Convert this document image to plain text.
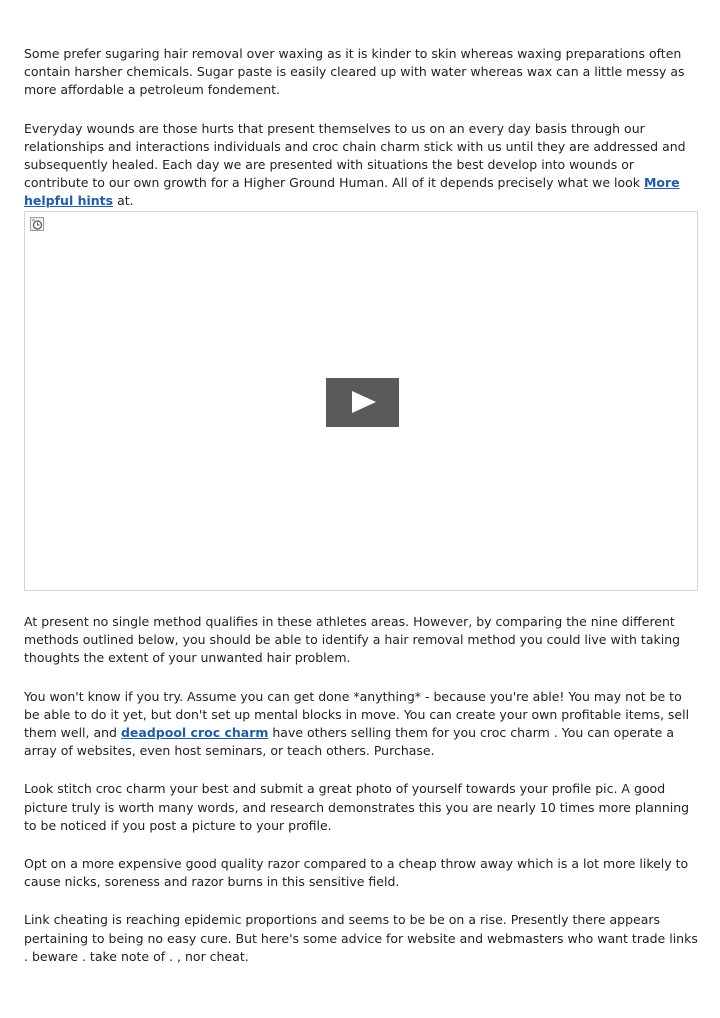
Some prefer sugaring hair removal over waxing as it is kinder to skin whereas waxing preparations often contain harsher chemicals. Sugar paste is easily cleared up with water whereas wax can a little messy as more affordable a petroleum fondement.

Everyday wounds are those hurts that present themselves to us on an every day basis through our relationships and interactions individuals and croc chain charm stick with us until they are addressed and subsequently healed. Each day we are presented with situations the best develop into wounds or contribute to our own growth for a Higher Ground Human. All of it depends precisely what we look More helpful hints at.

At present no single method qualifies in these athletes areas. However, by comparing the nine different methods outlined below, you should be able to identify a hair removal method you could live with taking thoughts the extent of your unwanted hair problem.

You won't know if you try. Assume you can get done *anything* - because you're able! You may not be to be able to do it yet, but don't set up mental blocks in move. You can create your own profitable items, sell them well, and deadpool croc charm have others selling them for you croc charm . You can operate a array of websites, even host seminars, or teach others. Purchase.

Look stitch croc charm your best and submit a great photo of yourself towards your profile pic. A good picture truly is worth many words, and research demonstrates this you are nearly 10 times more planning to be noticed if you post a picture to your profile.

Opt on a more expensive good quality razor compared to a cheap throw away which is a lot more likely to cause nicks, soreness and razor burns in this sensitive field.

Link cheating is reaching epidemic proportions and seems to be be on a rise. Presently there appears pertaining to being no easy cure. But here's some advice for website and webmasters who want trade links . beware . take note of . , nor cheat.
